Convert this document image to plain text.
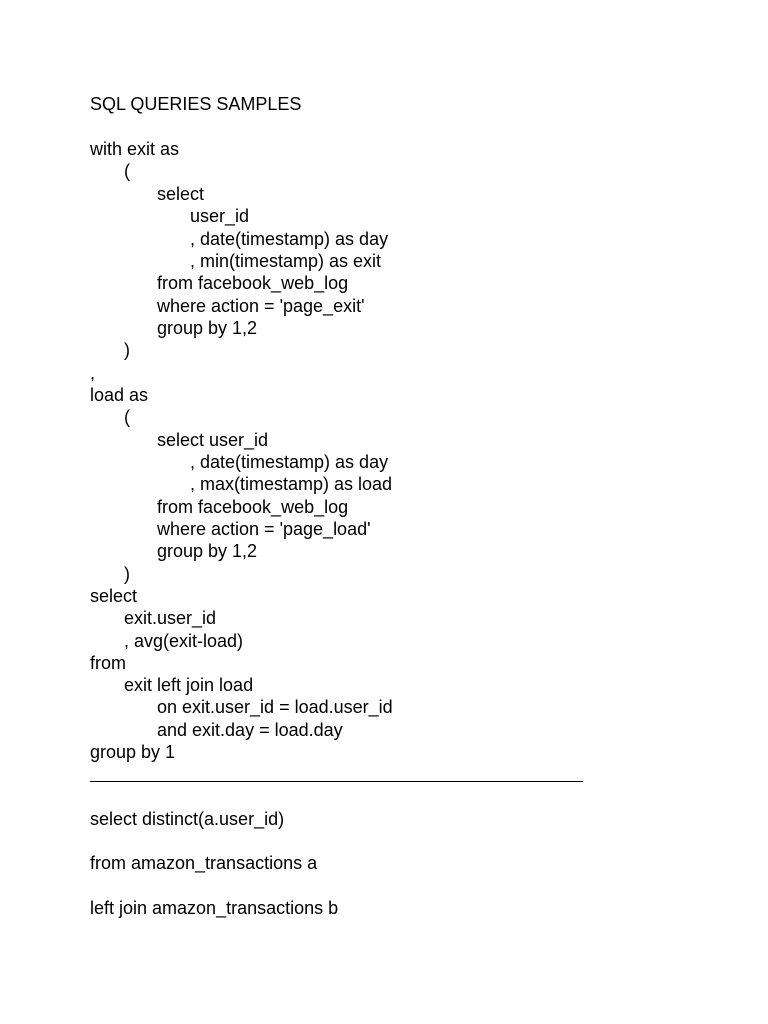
SQL QUERIES SAMPLES
with exit as
(
select
user_id
, date(timestamp) as day
, min(timestamp) as exit
from facebook_web_log
where action = 'page_exit'
group by 1,2
)
,
load as
(
select user_id
, date(timestamp) as day
, max(timestamp) as load
from facebook_web_log
where action = 'page_load'
group by 1,2
)
select
exit.user_id
, avg(exit-load)
from
exit left join load
on exit.user_id = load.user_id
and exit.day = load.day
group by 1
select distinct(a.user_id)
from amazon_transactions a
left join amazon_transactions b
